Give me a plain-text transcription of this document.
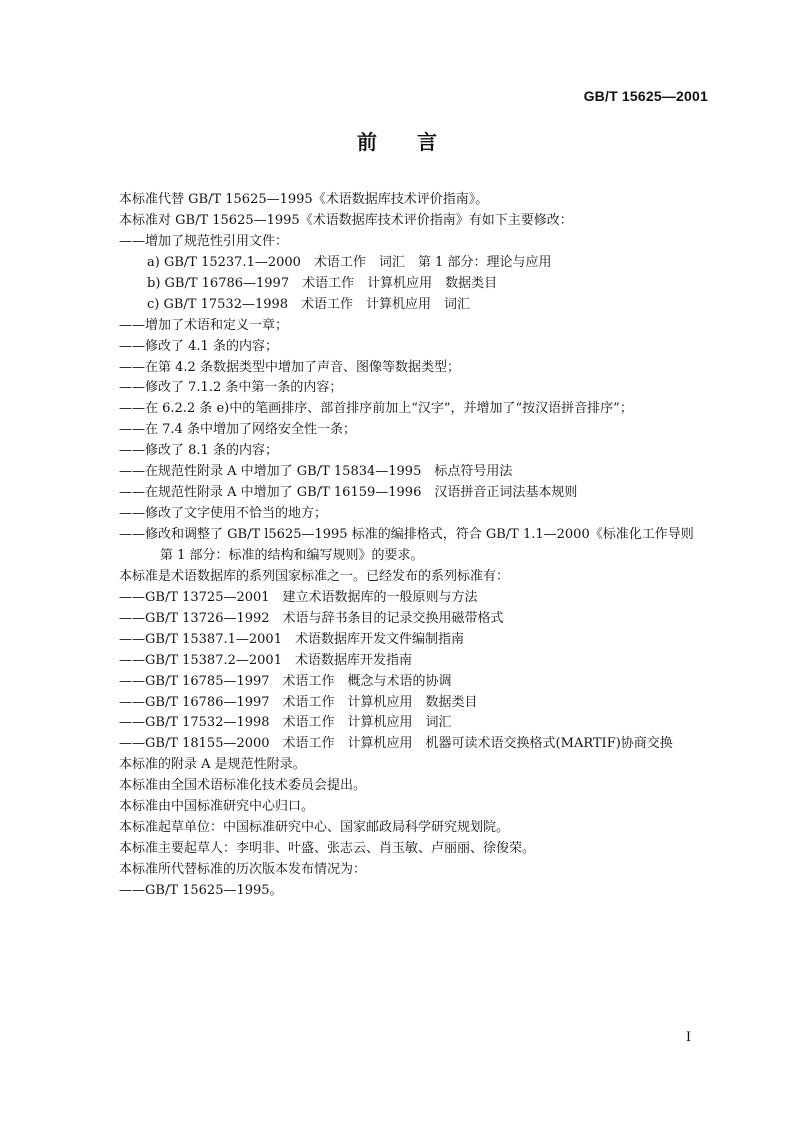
GB/T 15625—2001
前言
本标准代替 GB/T 15625—1995《术语数据库技术评价指南》。
本标准对 GB/T 15625—1995《术语数据库技术评价指南》有如下主要修改：
——增加了规范性引用文件：
a) GB/T 15237.1—2000　术语工作　词汇　第 1 部分：理论与应用
b) GB/T 16786—1997　术语工作　计算机应用　数据类目
c) GB/T 17532—1998　术语工作　计算机应用　词汇
——增加了术语和定义一章；
——修改了 4.1 条的内容；
——在第 4.2 条数据类型中增加了声音、图像等数据类型；
——修改了 7.1.2 条中第一条的内容；
——在 6.2.2 条 e)中的笔画排序、部首排序前加上“汉字”，并增加了“按汉语拼音排序”；
——在 7.4 条中增加了网络安全性一条；
——修改了 8.1 条的内容；
——在规范性附录 A 中增加了 GB/T 15834—1995　标点符号用法
——在规范性附录 A 中增加了 GB/T 16159—1996　汉语拼音正词法基本规则
——修改了文字使用不恰当的地方；
——修改和调整了 GB/T l5625—1995 标准的编排格式，符合 GB/T 1.1—2000《标准化工作导则
第 1 部分：标准的结构和编写规则》的要求。
本标准是术语数据库的系列国家标准之一。已经发布的系列标准有：
——GB/T 13725—2001　建立术语数据库的一般原则与方法
——GB/T 13726—1992　术语与辞书条目的记录交换用磁带格式
——GB/T 15387.1—2001　术语数据库开发文件编制指南
——GB/T 15387.2—2001　术语数据库开发指南
——GB/T 16785—1997　术语工作　概念与术语的协调
——GB/T 16786—1997　术语工作　计算机应用　数据类目
——GB/T 17532—1998　术语工作　计算机应用　词汇
——GB/T 18155—2000　术语工作　计算机应用　机器可读术语交换格式(MARTIF)协商交换
本标准的附录 A 是规范性附录。
本标准由全国术语标准化技术委员会提出。
本标准由中国标准研究中心归口。
本标准起草单位：中国标准研究中心、国家邮政局科学研究规划院。
本标准主要起草人：李明非、叶盛、张志云、肖玉敏、卢丽丽、徐俊荣。
本标准所代替标准的历次版本发布情况为：
——GB/T 15625—1995。
I
